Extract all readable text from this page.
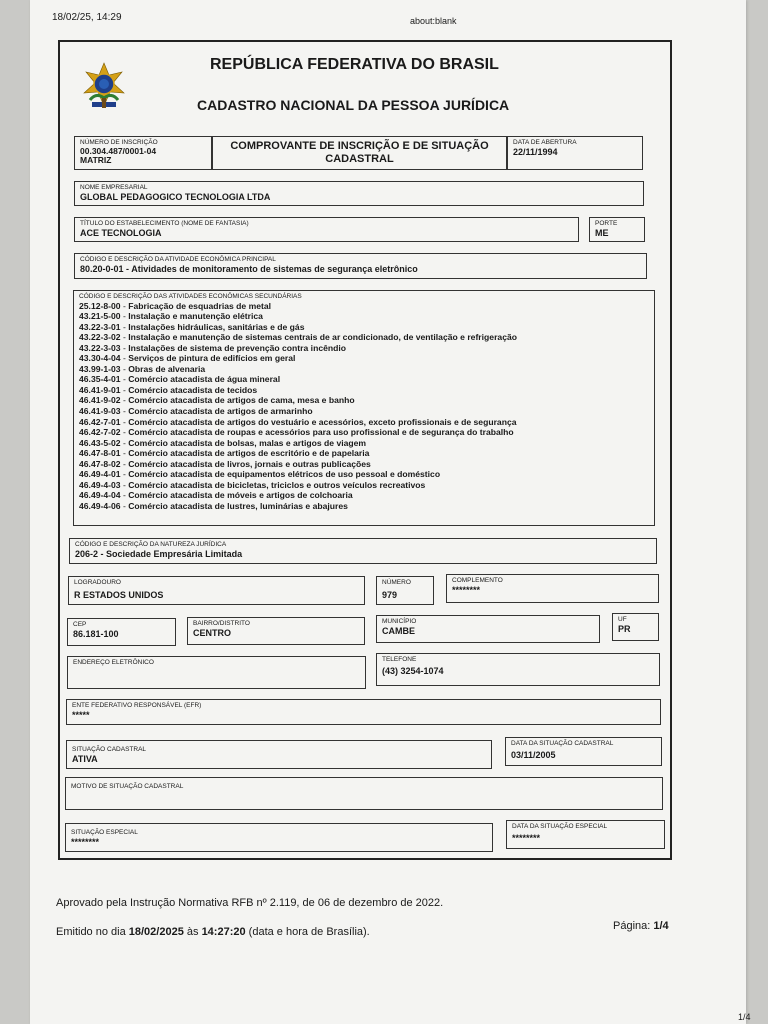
18/02/25, 14:29	about:blank
REPÚBLICA FEDERATIVA DO BRASIL
CADASTRO NACIONAL DA PESSOA JURÍDICA
NÚMERO DE INSCRIÇÃO
00.304.487/0001-04
MATRIZ
COMPROVANTE DE INSCRIÇÃO E DE SITUAÇÃO CADASTRAL
DATA DE ABERTURA
22/11/1994
NOME EMPRESARIAL
GLOBAL PEDAGOGICO TECNOLOGIA LTDA
TÍTULO DO ESTABELECIMENTO (NOME DE FANTASIA)
ACE TECNOLOGIA
PORTE
ME
CÓDIGO E DESCRIÇÃO DA ATIVIDADE ECONÔMICA PRINCIPAL
80.20-0-01 - Atividades de monitoramento de sistemas de segurança eletrônico
CÓDIGO E DESCRIÇÃO DAS ATIVIDADES ECONÔMICAS SECUNDÁRIAS
25.12-8-00 - Fabricação de esquadrias de metal
43.21-5-00 - Instalação e manutenção elétrica
43.22-3-01 - Instalações hidráulicas, sanitárias e de gás
43.22-3-02 - Instalação e manutenção de sistemas centrais de ar condicionado, de ventilação e refrigeração
43.22-3-03 - Instalações de sistema de prevenção contra incêndio
43.30-4-04 - Serviços de pintura de edifícios em geral
43.99-1-03 - Obras de alvenaria
46.35-4-01 - Comércio atacadista de água mineral
46.41-9-01 - Comércio atacadista de tecidos
46.41-9-02 - Comércio atacadista de artigos de cama, mesa e banho
46.41-9-03 - Comércio atacadista de artigos de armarinho
46.42-7-01 - Comércio atacadista de artigos do vestuário e acessórios, exceto profissionais e de segurança
46.42-7-02 - Comércio atacadista de roupas e acessórios para uso profissional e de segurança do trabalho
46.43-5-02 - Comércio atacadista de bolsas, malas e artigos de viagem
46.47-8-01 - Comércio atacadista de artigos de escritório e de papelaria
46.47-8-02 - Comércio atacadista de livros, jornais e outras publicações
46.49-4-01 - Comércio atacadista de equipamentos elétricos de uso pessoal e doméstico
46.49-4-03 - Comércio atacadista de bicicletas, triciclos e outros veículos recreativos
46.49-4-04 - Comércio atacadista de móveis e artigos de colchoaria
46.49-4-06 - Comércio atacadista de lustres, luminárias e abajures
CÓDIGO E DESCRIÇÃO DA NATUREZA JURÍDICA
206-2 - Sociedade Empresária Limitada
LOGRADOURO
R ESTADOS UNIDOS
NÚMERO
979
COMPLEMENTO
********
CEP
86.181-100
BAIRRO/DISTRITO
CENTRO
MUNICÍPIO
CAMBE
UF
PR
ENDEREÇO ELETRÔNICO	TELEFONE
(43) 3254-1074
ENTE FEDERATIVO RESPONSÁVEL (EFR)
*****
SITUAÇÃO CADASTRAL
ATIVA
DATA DA SITUAÇÃO CADASTRAL
03/11/2005
MOTIVO DE SITUAÇÃO CADASTRAL
SITUAÇÃO ESPECIAL
********
DATA DA SITUAÇÃO ESPECIAL
********
Aprovado pela Instrução Normativa RFB nº 2.119, de 06 de dezembro de 2022.
Emitido no dia 18/02/2025 às 14:27:20 (data e hora de Brasília).	Página: 1/4
1/4
